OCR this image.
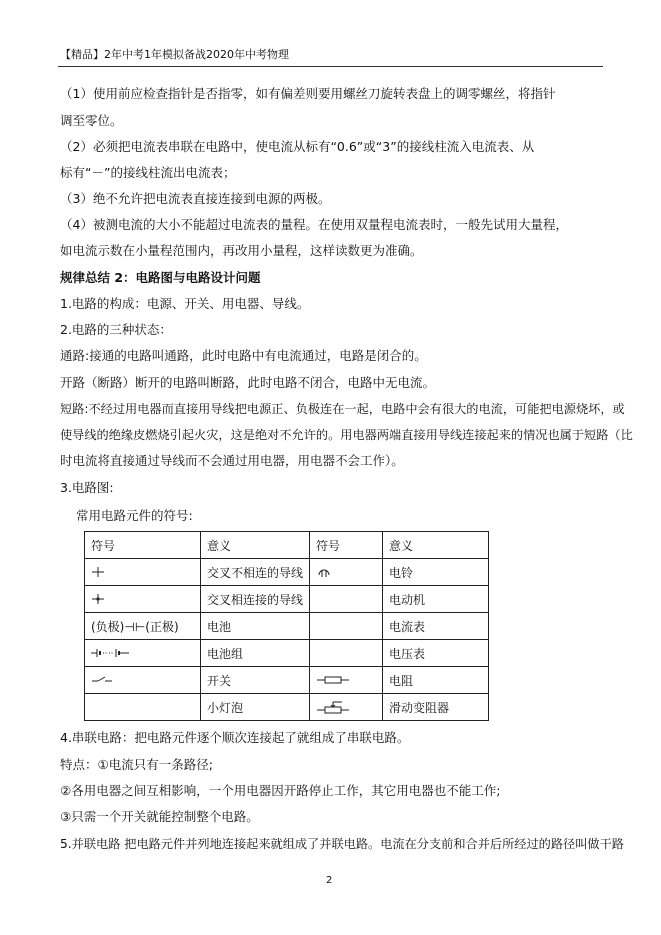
【精品】2年中考1年模拟备战2020年中考物理
（1）使用前应检查指针是否指零，如有偏差则要用螺丝刀旋转表盘上的调零螺丝，将指针
调至零位。
（2）必须把电流表串联在电路中，使电流从标有“0.6”或“3”的接线柱流入电流表、从
标有“－”的接线柱流出电流表；
（3）绝不允许把电流表直接连接到电源的两极。
（4）被测电流的大小不能超过电流表的量程。在使用双量程电流表时，一般先试用大量程，
如电流示数在小量程范围内，再改用小量程，这样读数更为准确。
规律总结 2：电路图与电路设计问题
1.电路的构成：电源、开关、用电器、导线。
2.电路的三种状态：
通路:接通的电路叫通路，此时电路中有电流通过，电路是闭合的。
开路（断路）断开的电路叫断路，此时电路不闭合，电路中无电流。
短路:不经过用电器而直接用导线把电源正、负极连在一起，电路中会有很大的电流，可能把电源烧坏，或
使导线的绝缘皮燃烧引起火灾，这是绝对不允许的。用电器两端直接用导线连接起来的情况也属于短路（比
时电流将直接通过导线而不会通过用电器，用电器不会工作）。
3.电路图:
常用电路元件的符号:
符号	意义	符号	意义

	交叉不相连的导线		电铃

	交叉相连接的导线		电动机
(负极)⊣⊢(正极)	电池		电流表

	电池组		电压表

	开关		电阻
	小灯泡		滑动变阻器
4.串联电路：把电路元件逐个顺次连接起了就组成了串联电路。
特点：①电流只有一条路径;
②各用电器之间互相影响，一个用电器因开路停止工作，其它用电器也不能工作;
③只需一个开关就能控制整个电路。
5.并联电路 把电路元件并列地连接起来就组成了并联电路。电流在分支前和合并后所经过的路径叫做干路
2
